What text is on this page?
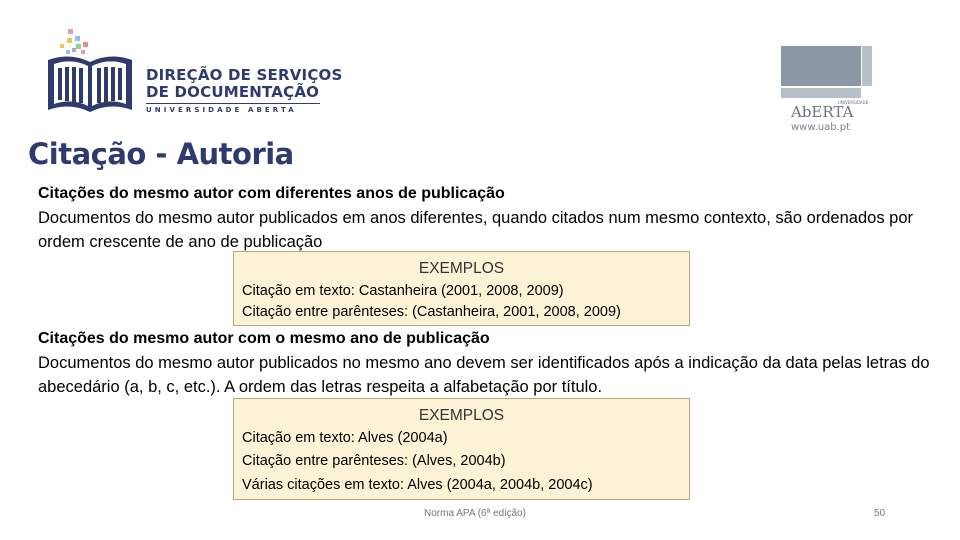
DIREÇÃO DE SERVIÇOS
DE DOCUMENTAÇÃO
UNIVERSIDADE ABERTA
UNIVERSIDADE
AbERTA
www.uab.pt
Citação - Autoria
Citações do mesmo autor com diferentes anos de publicação
Documentos do mesmo autor publicados em anos diferentes, quando citados num mesmo contexto, são ordenados por ordem crescente de ano de publicação
EXEMPLOS
Citação em texto: Castanheira (2001, 2008, 2009)
Citação entre parênteses: (Castanheira, 2001, 2008, 2009)
Citações do mesmo autor com o mesmo ano de publicação
Documentos do mesmo autor publicados no mesmo ano devem ser identificados após a indicação da data pelas letras do abecedário (a, b, c, etc.). A ordem das letras respeita a alfabetação por título.
EXEMPLOS
Citação em texto: Alves (2004a)
Citação entre parênteses: (Alves, 2004b)
Várias citações em texto: Alves (2004a, 2004b, 2004c)
Norma APA (6ª edição)	50
